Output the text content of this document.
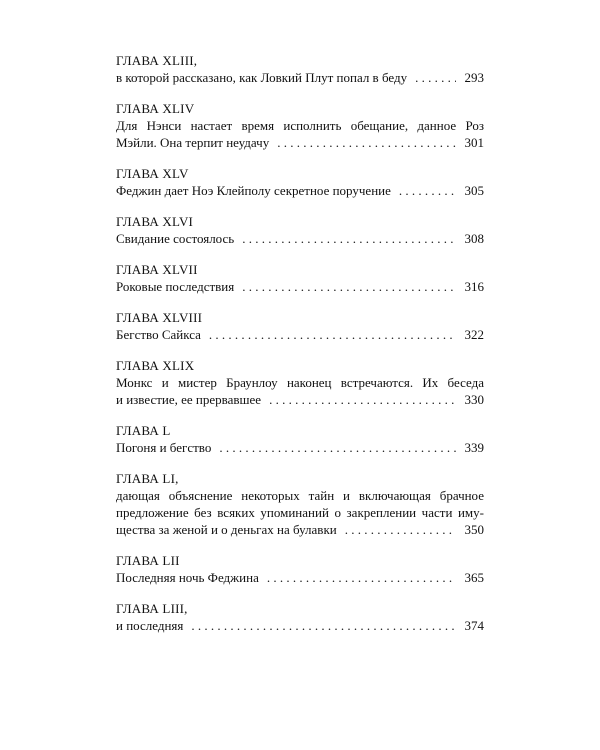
ГЛАВА XLIII,
в которой рассказано, как Ловкий Плут попал в беду . . .	293
ГЛАВА XLIV
Для Нэнси настает время исполнить обещание, данное Роз
Мэйли. Она терпит неудачу . . .	301
ГЛАВА XLV
Феджин дает Ноэ Клейполу секретное поручение . . .	305
ГЛАВА XLVI
Свидание состоялось . . .	308
ГЛАВА XLVII
Роковые последствия . . .	316
ГЛАВА XLVIII
Бегство Сайкса . . .	322
ГЛАВА XLIX
Монкс и мистер Браунлоу наконец встречаются. Их беседа
и известие, ее прервавшее . . .	330
ГЛАВА L
Погоня и бегство . . .	339
ГЛАВА LI,
дающая объяснение некоторых тайн и включающая брачное
предложение без всяких упоминаний о закреплении части иму-
щества за женой и о деньгах на булавки . . .	350
ГЛАВА LII
Последняя ночь Феджина . . .	365
ГЛАВА LIII,
и последняя . . .	374
